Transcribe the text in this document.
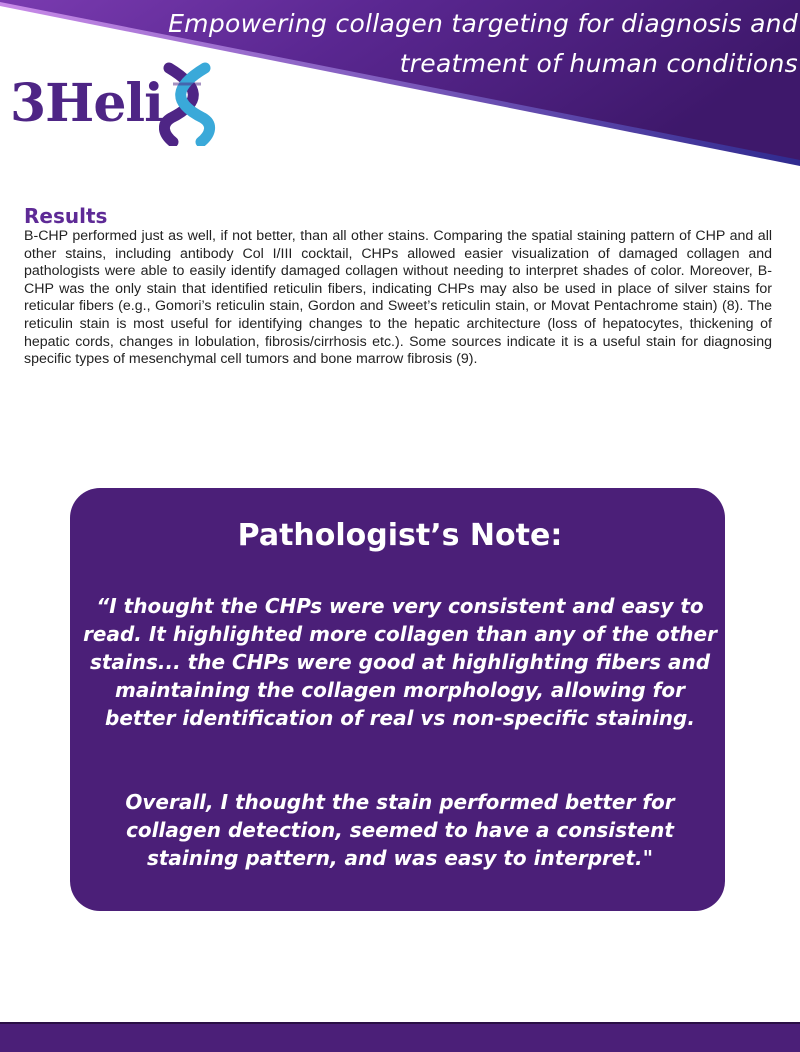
Empowering collagen targeting for diagnosis and treatment of human conditions

3Heli
Results

B-CHP performed just as well, if not better, than all other stains. Comparing the spatial staining pattern of CHP and all other stains, including antibody Col I/III cocktail, CHPs allowed easier visualization of damaged collagen and pathologists were able to easily identify damaged collagen without needing to interpret shades of color. Moreover, B-CHP was the only stain that identified reticulin fibers, indicating CHPs may also be used in place of silver stains for reticular fibers (e.g., Gomori’s reticulin stain, Gordon and Sweet’s reticulin stain, or Movat Pentachrome stain) (8). The reticulin stain is most useful for identifying changes to the hepatic architecture (loss of hepatocytes, thickening of hepatic cords, changes in lobulation, fibrosis/cirrhosis etc.). Some sources indicate it is a useful stain for diagnosing specific types of mesenchymal cell tumors and bone marrow fibrosis (9).

Pathologist’s Note:

“I thought the CHPs were very consistent and easy to read. It highlighted more collagen than any of the other stains... the CHPs were good at highlighting fibers and maintaining the collagen morphology, allowing for better identification of real vs non-specific staining.

Overall, I thought the stain performed better for collagen detection, seemed to have a consistent staining pattern, and was easy to interpret."
